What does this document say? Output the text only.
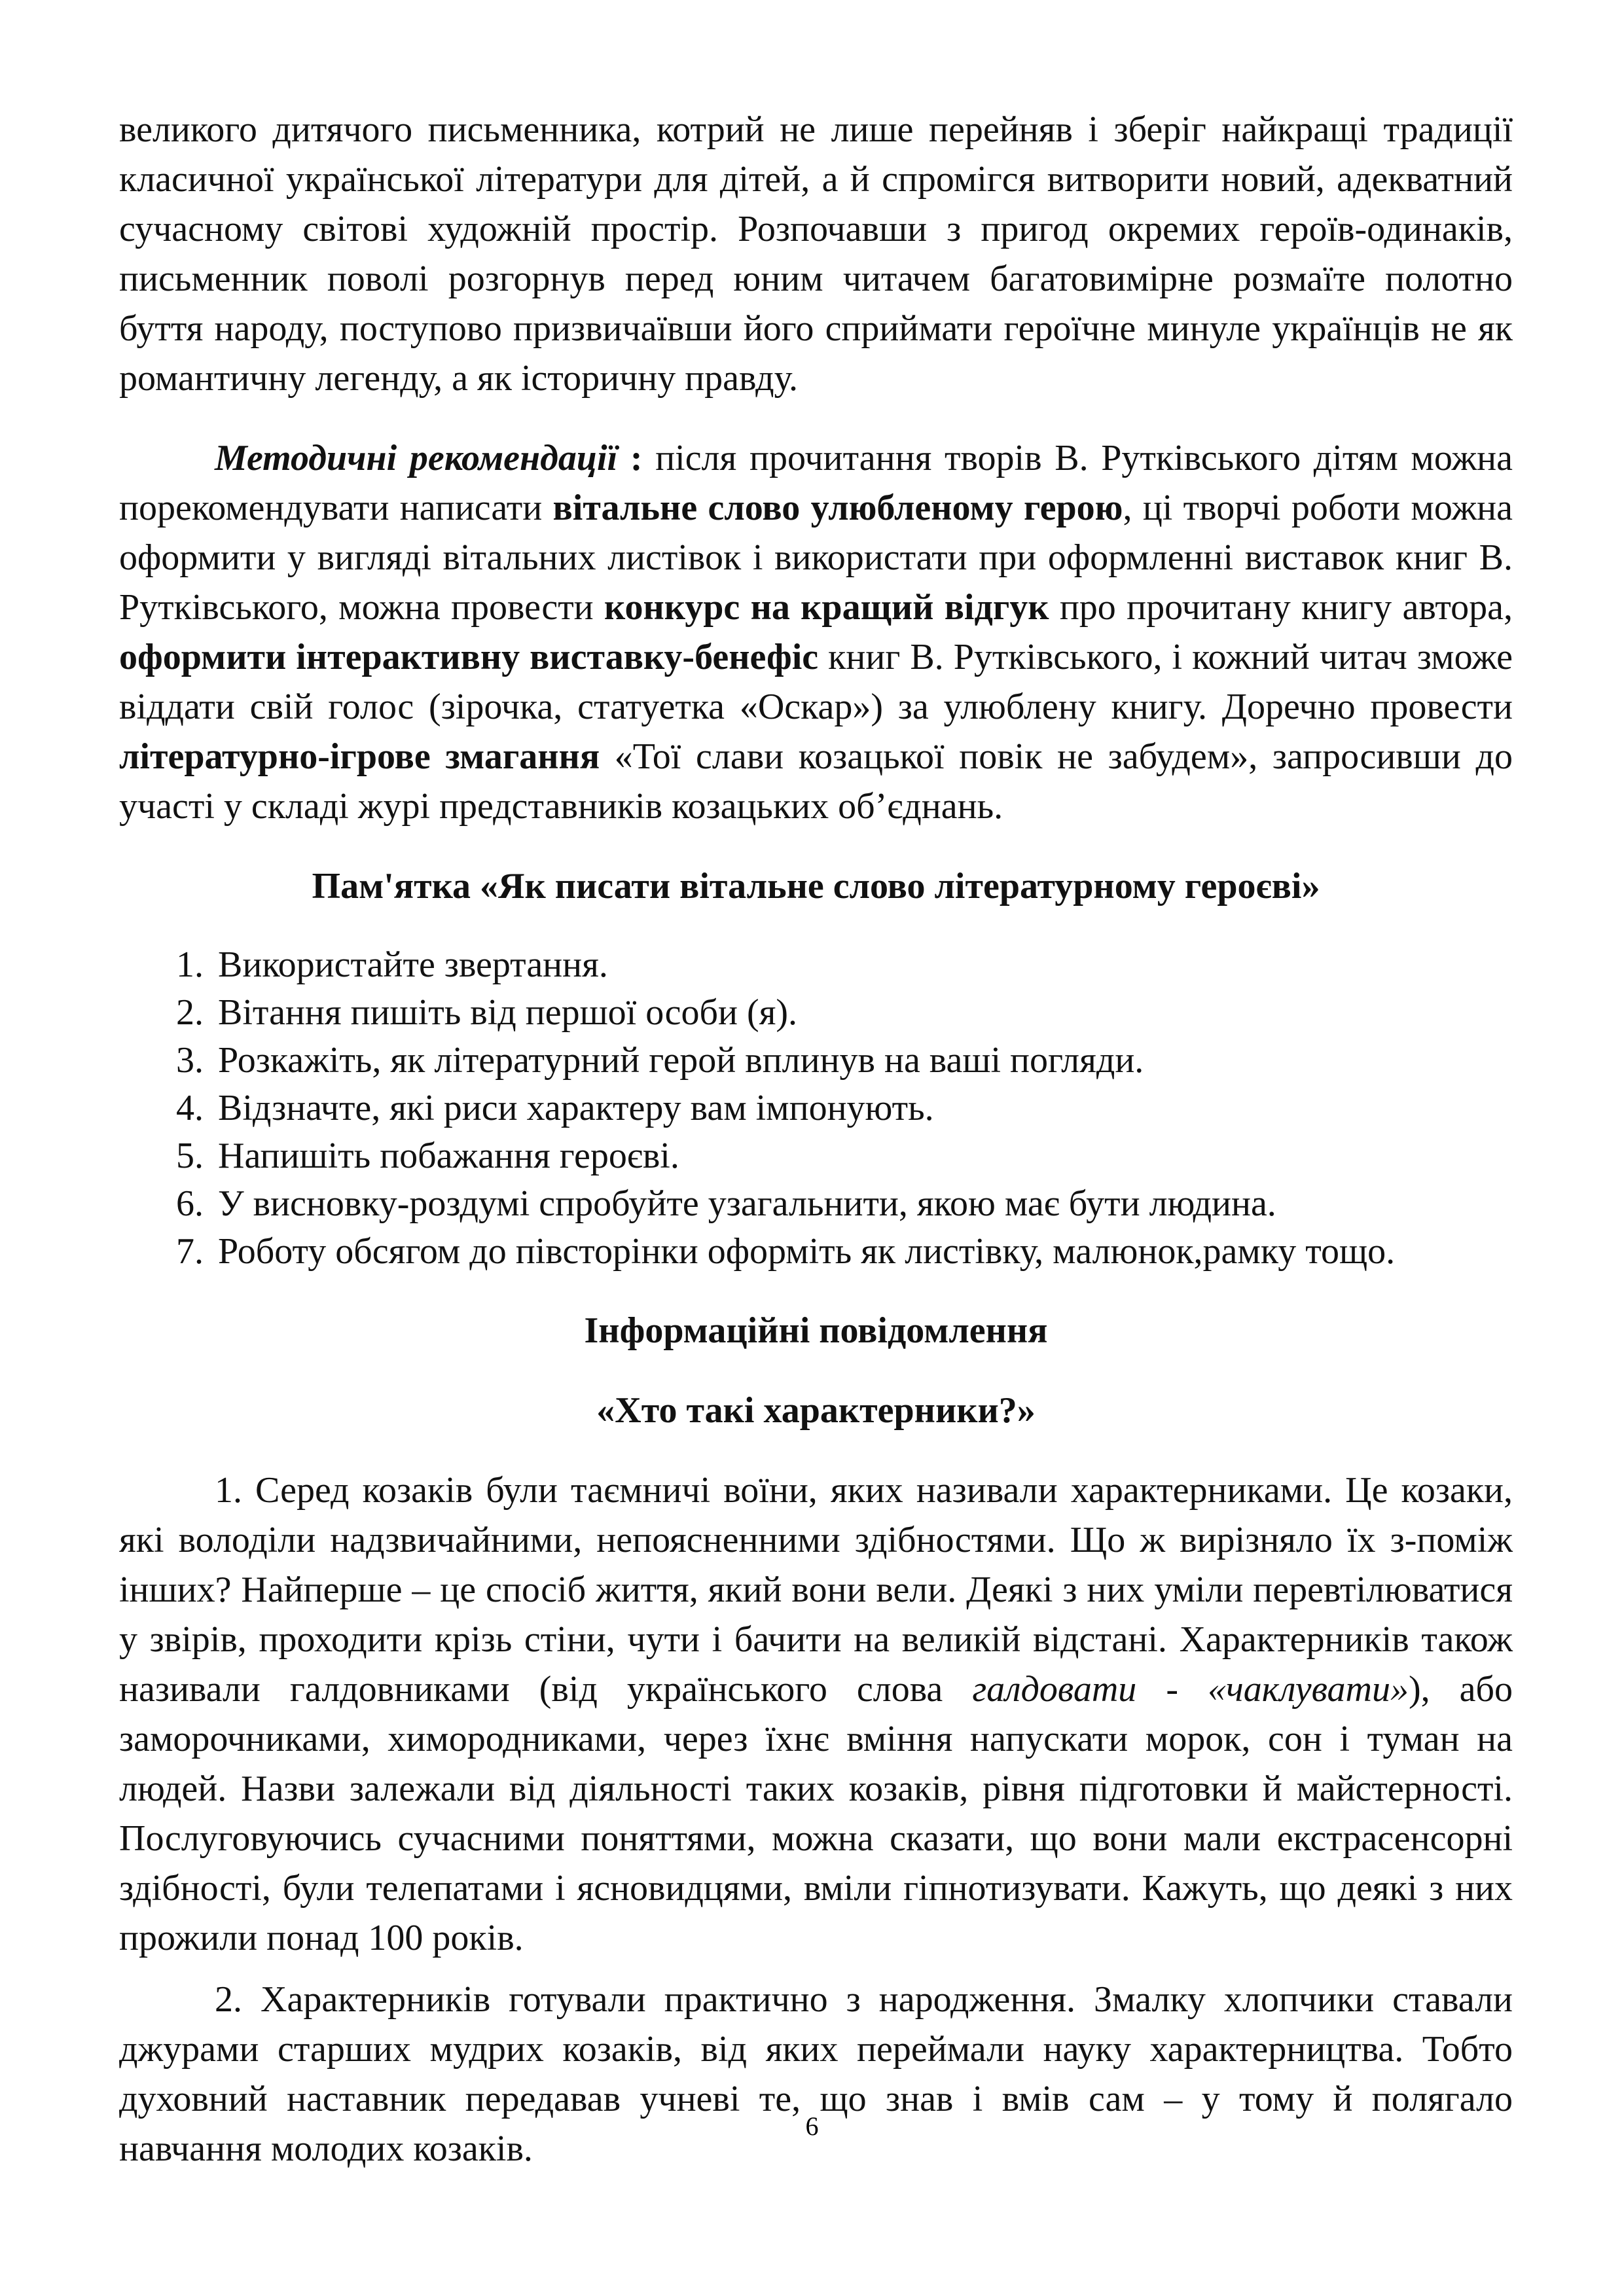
великого дитячого письменника, котрий не лише перейняв і зберіг найкращі традиції класичної української літератури для дітей, а й спромігся витворити новий, адекватний сучасному світові художній простір. Розпочавши з пригод окремих героїв-одинаків, письменник поволі розгорнув перед юним читачем багатовимірне розмаїте полотно буття народу, поступово призвичаївши його сприймати героїчне минуле українців не як романтичну легенду, а як історичну правду.

Методичні рекомендації : після прочитання творів В. Рутківського дітям можна порекомендувати написати вітальне слово улюбленому герою, ці творчі роботи можна оформити у вигляді вітальних листівок і використати при оформленні виставок книг В. Рутківського, можна провести конкурс на кращий відгук про прочитану книгу автора, оформити інтерактивну виставку-бенефіс книг В. Рутківського, і кожний читач зможе віддати свій голос (зірочка, статуетка «Оскар») за улюблену книгу. Доречно провести літературно-ігрове змагання «Тої слави козацької повік не забудем», запросивши до участі у складі журі представників козацьких об’єднань.

Пам'ятка «Як писати вітальне слово літературному героєві»

1. Використайте звертання.
2. Вітання пишіть від першої особи (я).
3. Розкажіть, як літературний герой вплинув на ваші погляди.
4. Відзначте, які риси характеру вам імпонують.
5. Напишіть побажання героєві.
6. У висновку-роздумі спробуйте узагальнити, якою має бути людина.
7. Роботу обсягом до півсторінки оформіть як листівку, малюнок,рамку тощо.

Інформаційні повідомлення

«Хто такі характерники?»

1. Серед козаків були таємничі воїни, яких називали характерниками. Це козаки, які володіли надзвичайними, непоясненними здібностями. Що ж вирізняло їх з-поміж інших? Найперше – це спосіб життя, який вони вели. Деякі з них уміли перевтілюватися у звірів, проходити крізь стіни, чути і бачити на великій відстані. Характерників також називали галдовниками (від українського слова галдовати - «чаклувати»), або заморочниками, химородниками, через їхнє вміння напускати морок, сон і туман на людей. Назви залежали від діяльності таких козаків, рівня підготовки й майстерності. Послуговуючись сучасними поняттями, можна сказати, що вони мали екстрасенсорні здібності, були телепатами і ясновидцями, вміли гіпнотизувати. Кажуть, що деякі з них прожили понад 100 років.

2. Характерників готували практично з народження. Змалку хлопчики ставали джурами старших мудрих козаків, від яких переймали науку характерництва. Тобто духовний наставник передавав учневі те, що знав і вмів сам – у тому й полягало навчання молодих козаків.

6
